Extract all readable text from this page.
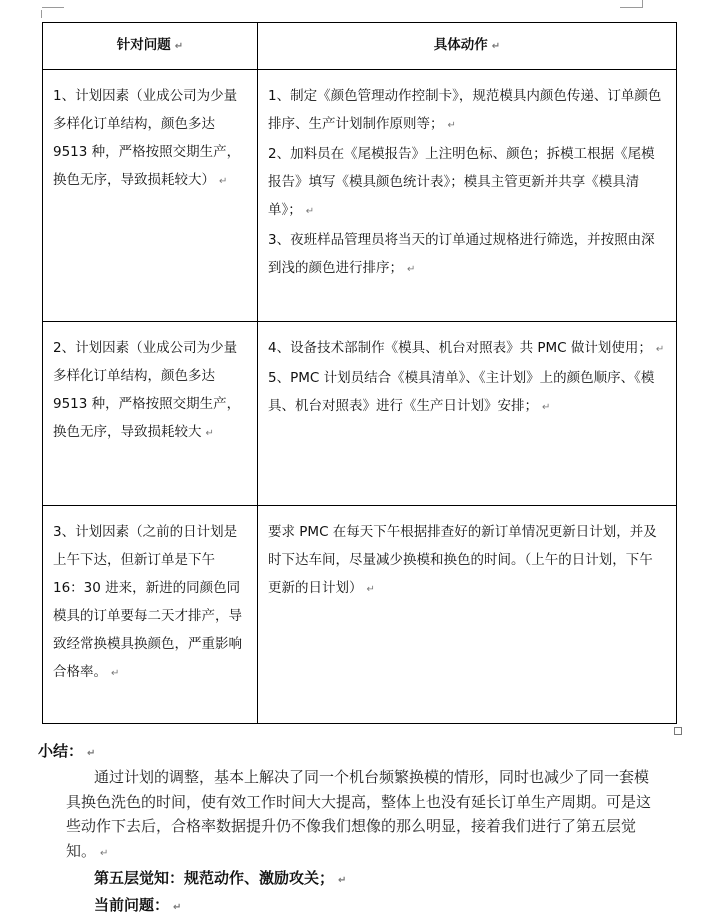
针对问题 ↵	具体动作 ↵

1、计划因素（业成公司为少量多样化订单结构，颜色多达 9513 种，严格按照交期生产，换色无序，导致损耗较大） ↵	1、制定《颜色管理动作控制卡》，规范模具内颜色传递、订单颜色排序、生产计划制作原则等； ↵
2、加料员在《尾模报告》上注明色标、颜色；拆模工根据《尾模报告》填写《模具颜色统计表》；模具主管更新并共享《模具清单》； ↵
3、夜班样品管理员将当天的订单通过规格进行筛选，并按照由深到浅的颜色进行排序； ↵

2、计划因素（业成公司为少量多样化订单结构，颜色多达 9513 种，严格按照交期生产，换色无序，导致损耗较大 ↵	4、设备技术部制作《模具、机台对照表》共 PMC 做计划使用； ↵
5、PMC 计划员结合《模具清单》、《主计划》上的颜色顺序、《模具、机台对照表》进行《生产日计划》安排； ↵

3、计划因素（之前的日计划是上午下达，但新订单是下午 16：30 进来，新进的同颜色同模具的订单要每二天才排产，导致经常换模具换颜色，严重影响合格率。 ↵	要求 PMC 在每天下午根据排查好的新订单情况更新日计划，并及时下达车间，尽量减少换模和换色的时间。（上午的日计划，下午更新的日计划） ↵
小结： ↵
通过计划的调整，基本上解决了同一个机台频繁换模的情形，同时也减少了同一套模具换色洗色的时间，使有效工作时间大大提高，整体上也没有延长订单生产周期。可是这些动作下去后，合格率数据提升仍不像我们想像的那么明显，接着我们进行了第五层觉知。 ↵
第五层觉知：规范动作、激励攻关； ↵
当前问题： ↵
